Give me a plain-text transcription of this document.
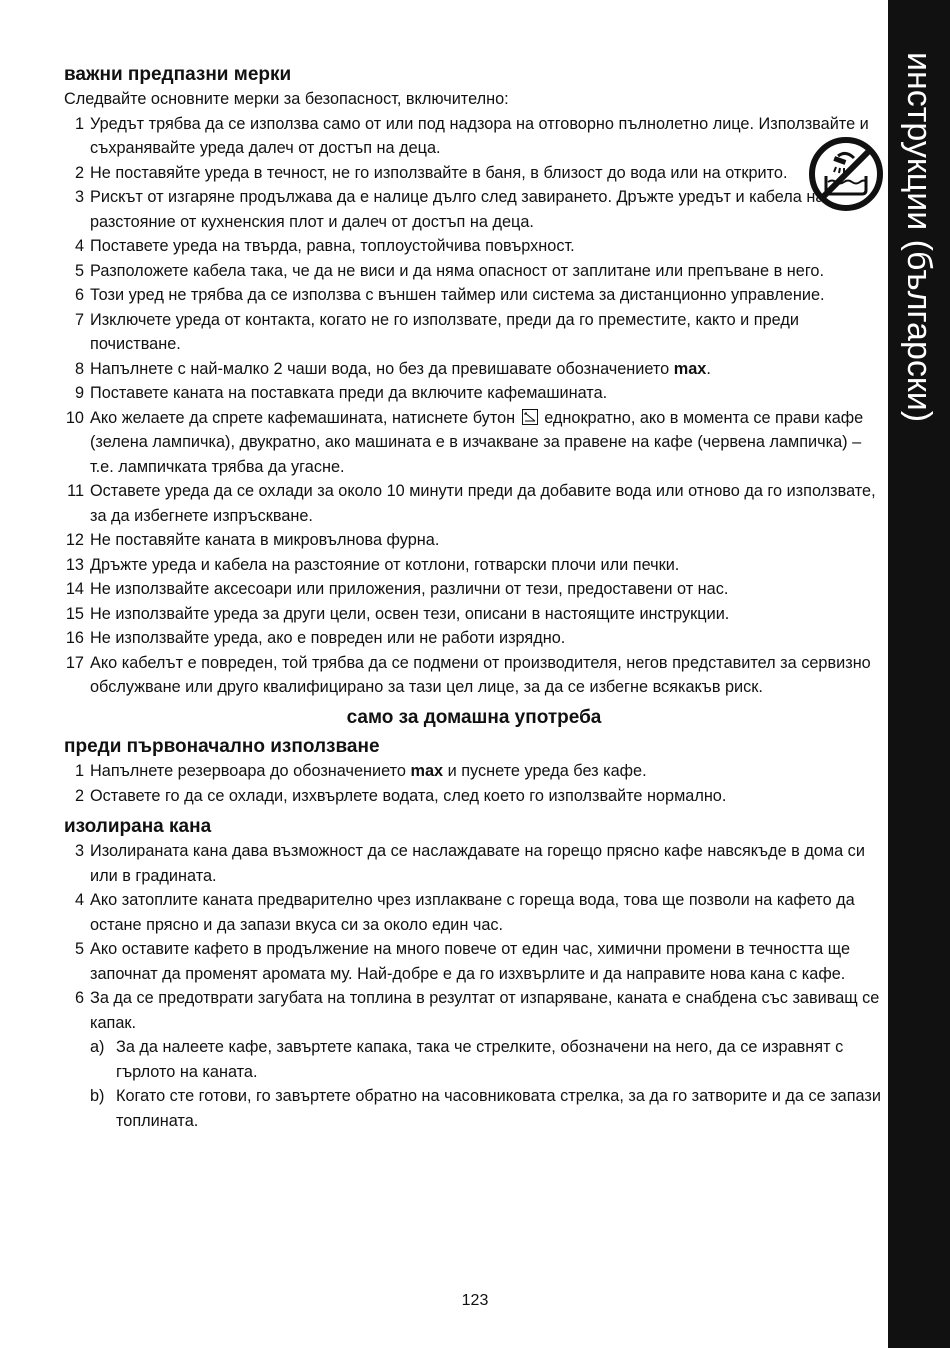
инструкции (български)
важни предпазни мерки

Следвайте основните мерки за безопасност, включително:

1 Уредът трябва да се използва само от или под надзора на отговорно пълнолетно лице. Използвайте и съхранявайте уреда далеч от достъп на деца.
2 Не поставяйте уреда в течност, не го използвайте в баня, в близост до вода или на открито.
3 Рискът от изгаряне продължава да е налице дълго след завирането. Дръжте уредът и кабела на разстояние от кухненския плот и далеч от достъп на деца.
4 Поставете уреда на твърда, равна, топлоустойчива повърхност.
5 Разположете кабела така, че да не виси и да няма опасност от заплитане или препъване в него.
6 Този уред не трябва да се използва с външен таймер или система за дистанционно управление.
7 Изключете уреда от контакта, когато не го използвате, преди да го преместите, както и преди почистване.
8 Напълнете с най-малко 2 чаши вода, но без да превишавате обозначението max.
9 Поставете каната на поставката преди да включите кафемашината.
10 Ако желаете да спрете кафемашината, натиснете бутон  еднократно, ако в момента се прави кафе (зелена лампичка), двукратно, ако машината е в изчакване за правене на кафе (червена лампичка) – т.е. лампичката трябва да угасне.
11 Оставете уреда да се охлади за около 10 минути преди да добавите вода или отново да го използвате, за да избегнете изпръскване.
12 Не поставяйте каната в микровълнова фурна.
13 Дръжте уреда и кабела на разстояние от котлони, готварски плочи или печки.
14 Не използвайте аксесоари или приложения, различни от тези, предоставени от нас.
15 Не използвайте уреда за други цели, освен тези, описани в настоящите инструкции.
16 Не използвайте уреда, ако е повреден или не работи изрядно.
17 Ако кабелът е повреден, той трябва да се подмени от производителя, негов представител за сервизно обслужване или друго квалифицирано за тази цел лице, за да се избегне всякакъв риск.
само за домашна употреба
преди първоначално използване
1 Напълнете резервоара до обозначението max и пуснете уреда без кафе.
2 Оставете го да се охлади, изхвърлете водата, след което го използвайте нормално.
изолирана кана
3 Изолираната кана дава възможност да се наслаждавате на горещо прясно кафе навсякъде в дома си или в градината.
4 Ако затоплите каната предварително чрез изплакване с гореща вода, това ще позволи на кафето да остане прясно и да запази вкуса си за около един час.
5 Ако оставите кафето в продължение на много повече от един час, химични промени в течността ще започнат да променят аромата му. Най-добре е да го изхвърлите и да направите нова кана с кафе.
6 За да се предотврати загубата на топлина в резултат от изпаряване, каната е снабдена със завиващ се капак.
a) За да налеете кафе, завъртете капака, така че стрелките, обозначени на него, да се изравнят с гърлото на каната.
b) Когато сте готови, го завъртете обратно на часовниковата стрелка, за да го затворите и да се запази топлината.
123
